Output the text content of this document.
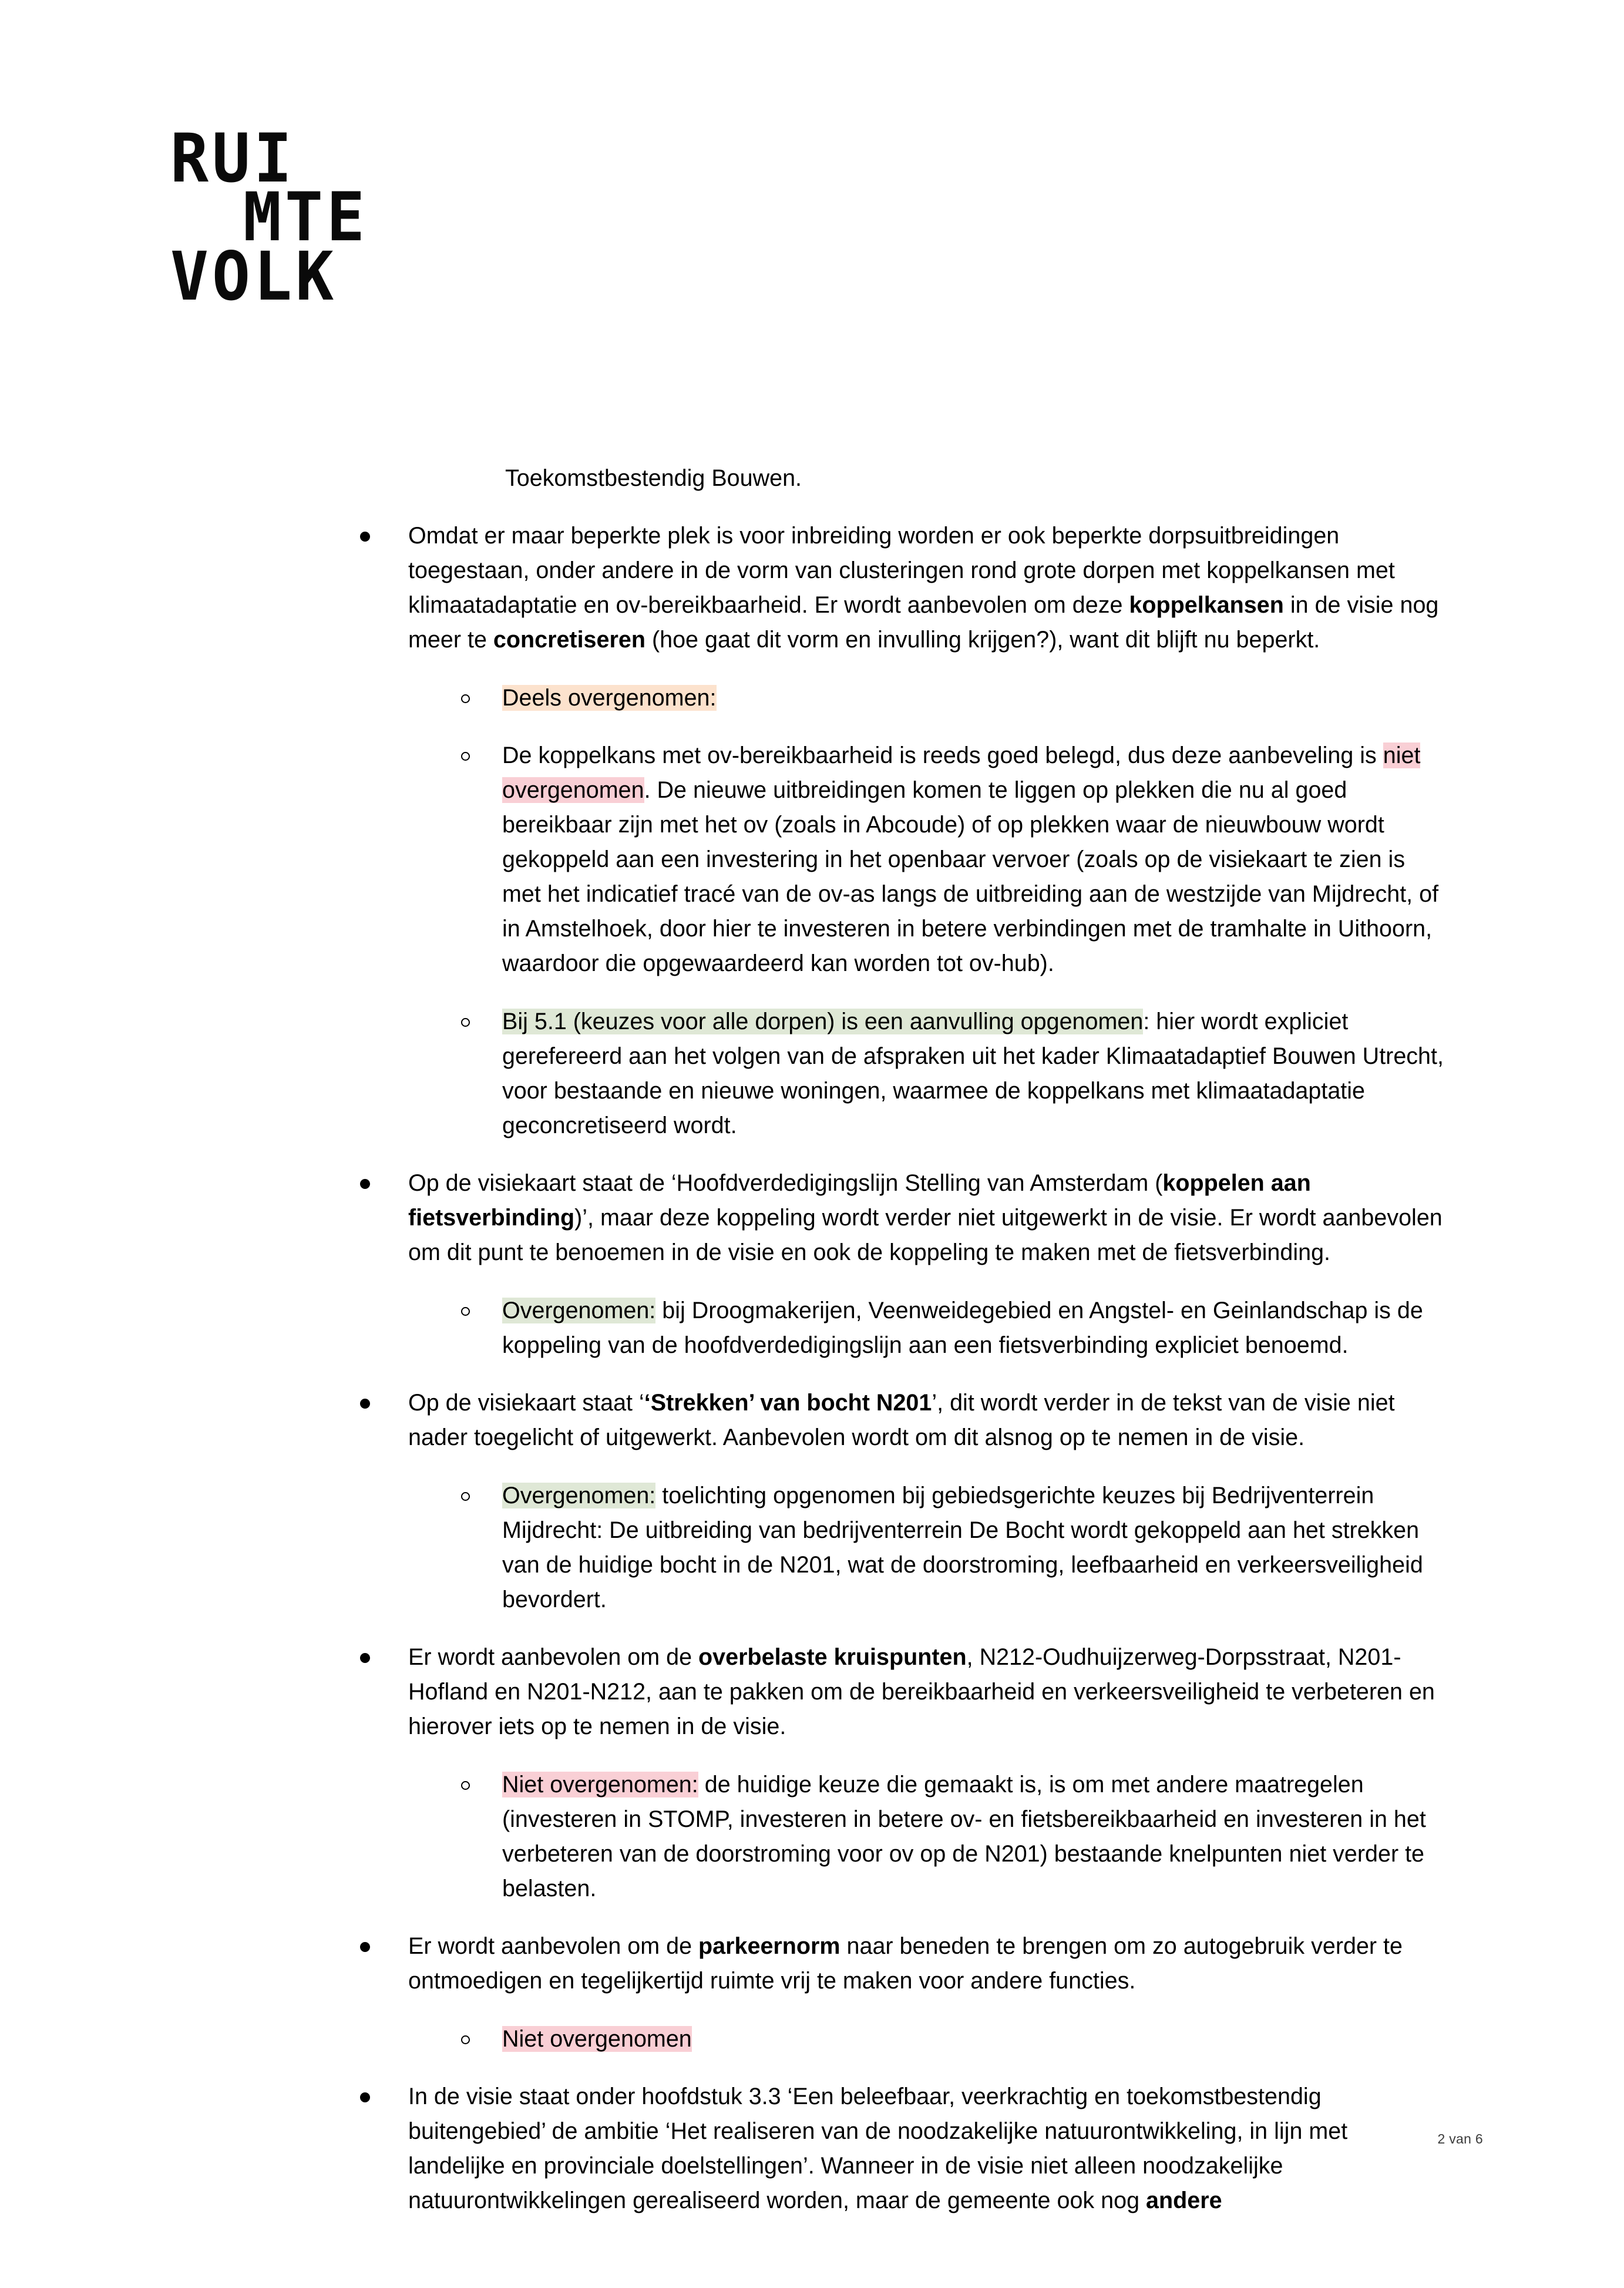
RUI
MTE
VOLK

Toekomstbestendig Bouwen.

Omdat er maar beperkte plek is voor inbreiding worden er ook beperkte dorpsuitbreidingen toegestaan, onder andere in de vorm van clusteringen rond grote dorpen met koppelkansen met klimaatadaptatie en ov-bereikbaarheid. Er wordt aanbevolen om deze koppelkansen in de visie nog meer te concretiseren (hoe gaat dit vorm en invulling krijgen?), want dit blijft nu beperkt.

Deels overgenomen:

De koppelkans met ov-bereikbaarheid is reeds goed belegd, dus deze aanbeveling is niet overgenomen. De nieuwe uitbreidingen komen te liggen op plekken die nu al goed bereikbaar zijn met het ov (zoals in Abcoude) of op plekken waar de nieuwbouw wordt gekoppeld aan een investering in het openbaar vervoer (zoals op de visiekaart te zien is met het indicatief tracé van de ov-as langs de uitbreiding aan de westzijde van Mijdrecht, of in Amstelhoek, door hier te investeren in betere verbindingen met de tramhalte in Uithoorn, waardoor die opgewaardeerd kan worden tot ov-hub).

Bij 5.1 (keuzes voor alle dorpen) is een aanvulling opgenomen: hier wordt expliciet gerefereerd aan het volgen van de afspraken uit het kader Klimaatadaptief Bouwen Utrecht, voor bestaande en nieuwe woningen, waarmee de koppelkans met klimaatadaptatie geconcretiseerd wordt.

Op de visiekaart staat de ‘Hoofdverdedigingslijn Stelling van Amsterdam (koppelen aan fietsverbinding)’, maar deze koppeling wordt verder niet uitgewerkt in de visie. Er wordt aanbevolen om dit punt te benoemen in de visie en ook de koppeling te maken met de fietsverbinding.

Overgenomen: bij Droogmakerijen, Veenweidegebied en Angstel- en Geinlandschap is de koppeling van de hoofdverdedigingslijn aan een fietsverbinding expliciet benoemd.

Op de visiekaart staat ‘‘Strekken’ van bocht N201’, dit wordt verder in de tekst van de visie niet nader toegelicht of uitgewerkt. Aanbevolen wordt om dit alsnog op te nemen in de visie.

Overgenomen: toelichting opgenomen bij gebiedsgerichte keuzes bij Bedrijventerrein Mijdrecht: De uitbreiding van bedrijventerrein De Bocht wordt gekoppeld aan het strekken van de huidige bocht in de N201, wat de doorstroming, leefbaarheid en verkeersveiligheid bevordert.

Er wordt aanbevolen om de overbelaste kruispunten, N212-Oudhuijzerweg-Dorpsstraat, N201-Hofland en N201-N212, aan te pakken om de bereikbaarheid en verkeersveiligheid te verbeteren en hierover iets op te nemen in de visie.

Niet overgenomen: de huidige keuze die gemaakt is, is om met andere maatregelen (investeren in STOMP, investeren in betere ov- en fietsbereikbaarheid en investeren in het verbeteren van de doorstroming voor ov op de N201) bestaande knelpunten niet verder te belasten.

Er wordt aanbevolen om de parkeernorm naar beneden te brengen om zo autogebruik verder te ontmoedigen en tegelijkertijd ruimte vrij te maken voor andere functies.

Niet overgenomen

In de visie staat onder hoofdstuk 3.3 ‘Een beleefbaar, veerkrachtig en toekomstbestendig buitengebied’ de ambitie ‘Het realiseren van de noodzakelijke natuurontwikkeling, in lijn met landelijke en provinciale doelstellingen’. Wanneer in de visie niet alleen noodzakelijke natuurontwikkelingen gerealiseerd worden, maar de gemeente ook nog andere

2 van 6
